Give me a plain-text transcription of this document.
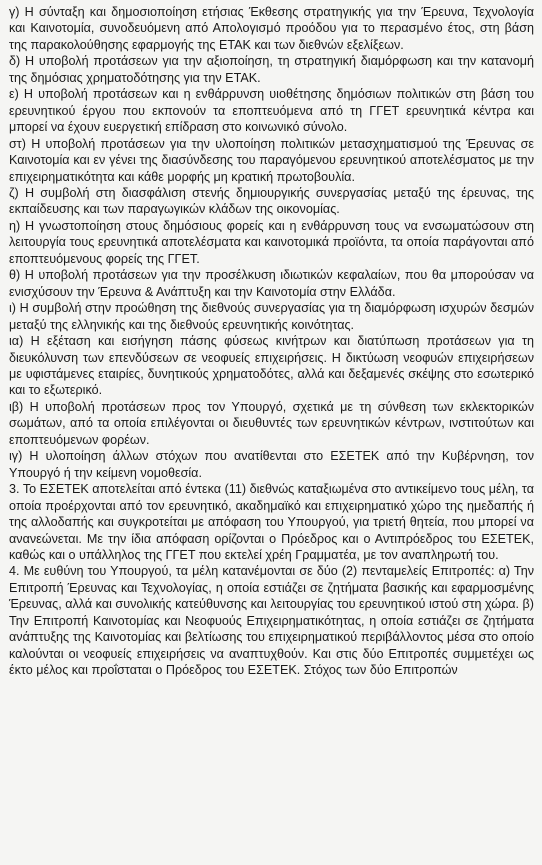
γ) Η σύνταξη και δημοσιοποίηση ετήσιας Έκθεσης στρατηγικής για την Έρευνα, Τεχνολογία και Καινοτομία, συνοδευόμενη από Απολογισμό προόδου για το περασμένο έτος, στη βάση της παρακολούθησης εφαρμογής της ΕΤΑΚ και των διεθνών εξελίξεων.

δ) Η υποβολή προτάσεων για την αξιοποίηση, τη στρατηγική διαμόρφωση και την κατανομή της δημόσιας χρηματοδότησης για την ΕΤΑΚ.

ε) Η υποβολή προτάσεων και η ενθάρρυνση υιοθέτησης δημόσιων πολιτικών στη βάση του ερευνητικού έργου που εκπονούν τα εποπτευόμενα από τη ΓΓΕΤ ερευνητικά κέντρα και μπορεί να έχουν ευεργετική επίδραση στο κοινωνικό σύνολο.

στ) Η υποβολή προτάσεων για την υλοποίηση πολιτικών μετασχηματισμού της Έρευνας σε Καινοτομία και εν γένει της διασύνδεσης του παραγόμενου ερευνητικού αποτελέσματος με την επιχειρηματικότητα και κάθε μορφής μη κρατική πρωτοβουλία.

ζ) Η συμβολή στη διασφάλιση στενής δημιουργικής συνεργασίας μεταξύ της έρευνας, της εκπαίδευσης και των παραγωγικών κλάδων της οικονομίας.

η) Η γνωστοποίηση στους δημόσιους φορείς και η ενθάρρυνση τους να ενσωματώσουν στη λειτουργία τους ερευνητικά αποτελέσματα και καινοτομικά προϊόντα, τα οποία παράγονται από εποπτευόμενους φορείς της ΓΓΕΤ.

θ) Η υποβολή προτάσεων για την προσέλκυση ιδιωτικών κεφαλαίων, που θα μπορούσαν να ενισχύσουν την Έρευνα & Ανάπτυξη και την Καινοτομία στην Ελλάδα.

ι) Η συμβολή στην προώθηση της διεθνούς συνεργασίας για τη διαμόρφωση ισχυρών δεσμών μεταξύ της ελληνικής και της διεθνούς ερευνητικής κοινότητας.

ια) Η εξέταση και εισήγηση πάσης φύσεως κινήτρων και διατύπωση προτάσεων για τη διευκόλυνση των επενδύσεων σε νεοφυείς επιχειρήσεις. Η δικτύωση νεοφυών επιχειρήσεων με υφιστάμενες εταιρίες, δυνητικούς χρηματοδότες, αλλά και δεξαμενές σκέψης στο εσωτερικό και το εξωτερικό.

ιβ) Η υποβολή προτάσεων προς τον Υπουργό, σχετικά με τη σύνθεση των εκλεκτορικών σωμάτων, από τα οποία επιλέγονται οι διευθυντές των ερευνητικών κέντρων, ινστιτούτων και εποπτευόμενων φορέων.

ιγ) Η υλοποίηση άλλων στόχων που ανατίθενται στο ΕΣΕΤΕΚ από την Κυβέρνηση, τον Υπουργό ή την κείμενη νομοθεσία.

3. Το ΕΣΕΤΕΚ αποτελείται από έντεκα (11) διεθνώς καταξιωμένα στο αντικείμενο τους μέλη, τα οποία προέρχονται από τον ερευνητικό, ακαδημαϊκό και επιχειρηματικό χώρο της ημεδαπής ή της αλλοδαπής και συγκροτείται με απόφαση του Υπουργού, για τριετή θητεία, που μπορεί να ανανεώνεται. Με την ίδια απόφαση ορίζονται ο Πρόεδρος και ο Αντιπρόεδρος του ΕΣΕΤΕΚ, καθώς και ο υπάλληλος της ΓΓΕΤ που εκτελεί χρέη Γραμματέα, με τον αναπληρωτή του.

4. Με ευθύνη του Υπουργού, τα μέλη κατανέμονται σε δύο (2) πενταμελείς Επιτροπές: α) Την Επιτροπή Έρευνας και Τεχνολογίας, η οποία εστιάζει σε ζητήματα βασικής και εφαρμοσμένης Έρευνας, αλλά και συνολικής κατεύθυνσης και λειτουργίας του ερευνητικού ιστού στη χώρα. β) Την Επιτροπή Καινοτομίας και Νεοφυούς Επιχειρηματικότητας, η οποία εστιάζει σε ζητήματα ανάπτυξης της Καινοτομίας και βελτίωσης του επιχειρηματικού περιβάλλοντος μέσα στο οποίο καλούνται οι νεοφυείς επιχειρήσεις να αναπτυχθούν. Και στις δύο Επιτροπές συμμετέχει ως έκτο μέλος και προΐσταται ο Πρόεδρος του ΕΣΕΤΕΚ. Στόχος των δύο Επιτροπών
